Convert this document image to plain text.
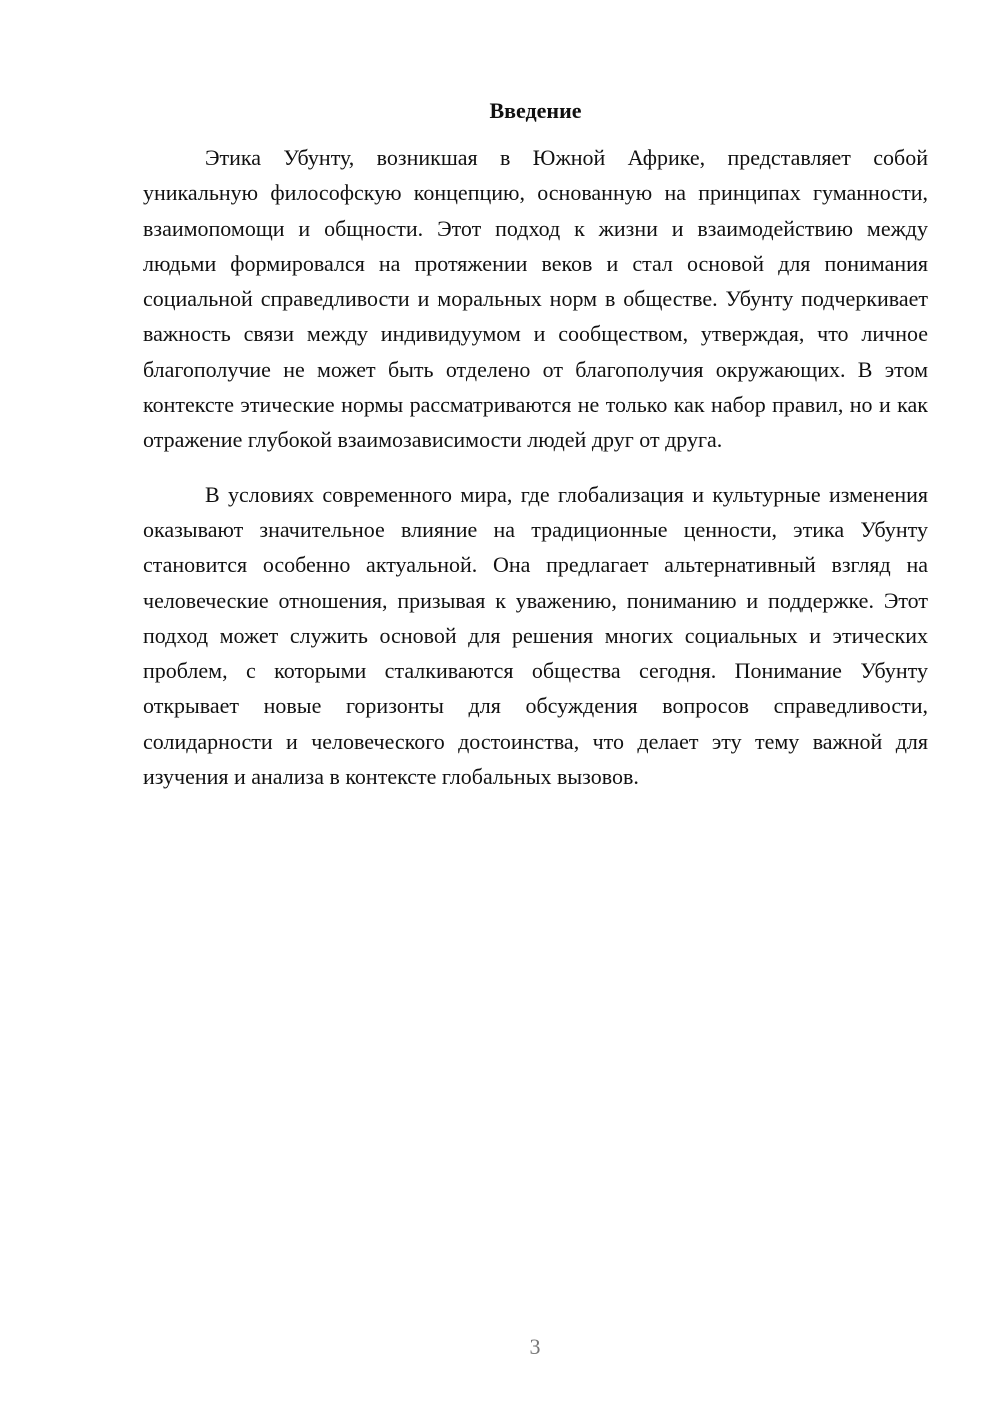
Введение

Этика Убунту, возникшая в Южной Африке, представляет собой уникальную философскую концепцию, основанную на принципах гуманности, взаимопомощи и общности. Этот подход к жизни и взаимодействию между людьми формировался на протяжении веков и стал основой для понимания социальной справедливости и моральных норм в обществе. Убунту подчеркивает важность связи между индивидуумом и сообществом, утверждая, что личное благополучие не может быть отделено от благополучия окружающих. В этом контексте этические нормы рассматриваются не только как набор правил, но и как отражение глубокой взаимозависимости людей друг от друга.

В условиях современного мира, где глобализация и культурные изменения оказывают значительное влияние на традиционные ценности, этика Убунту становится особенно актуальной. Она предлагает альтернативный взгляд на человеческие отношения, призывая к уважению, пониманию и поддержке. Этот подход может служить основой для решения многих социальных и этических проблем, с которыми сталкиваются общества сегодня. Понимание Убунту открывает новые горизонты для обсуждения вопросов справедливости, солидарности и человеческого достоинства, что делает эту тему важной для изучения и анализа в контексте глобальных вызовов.

3
